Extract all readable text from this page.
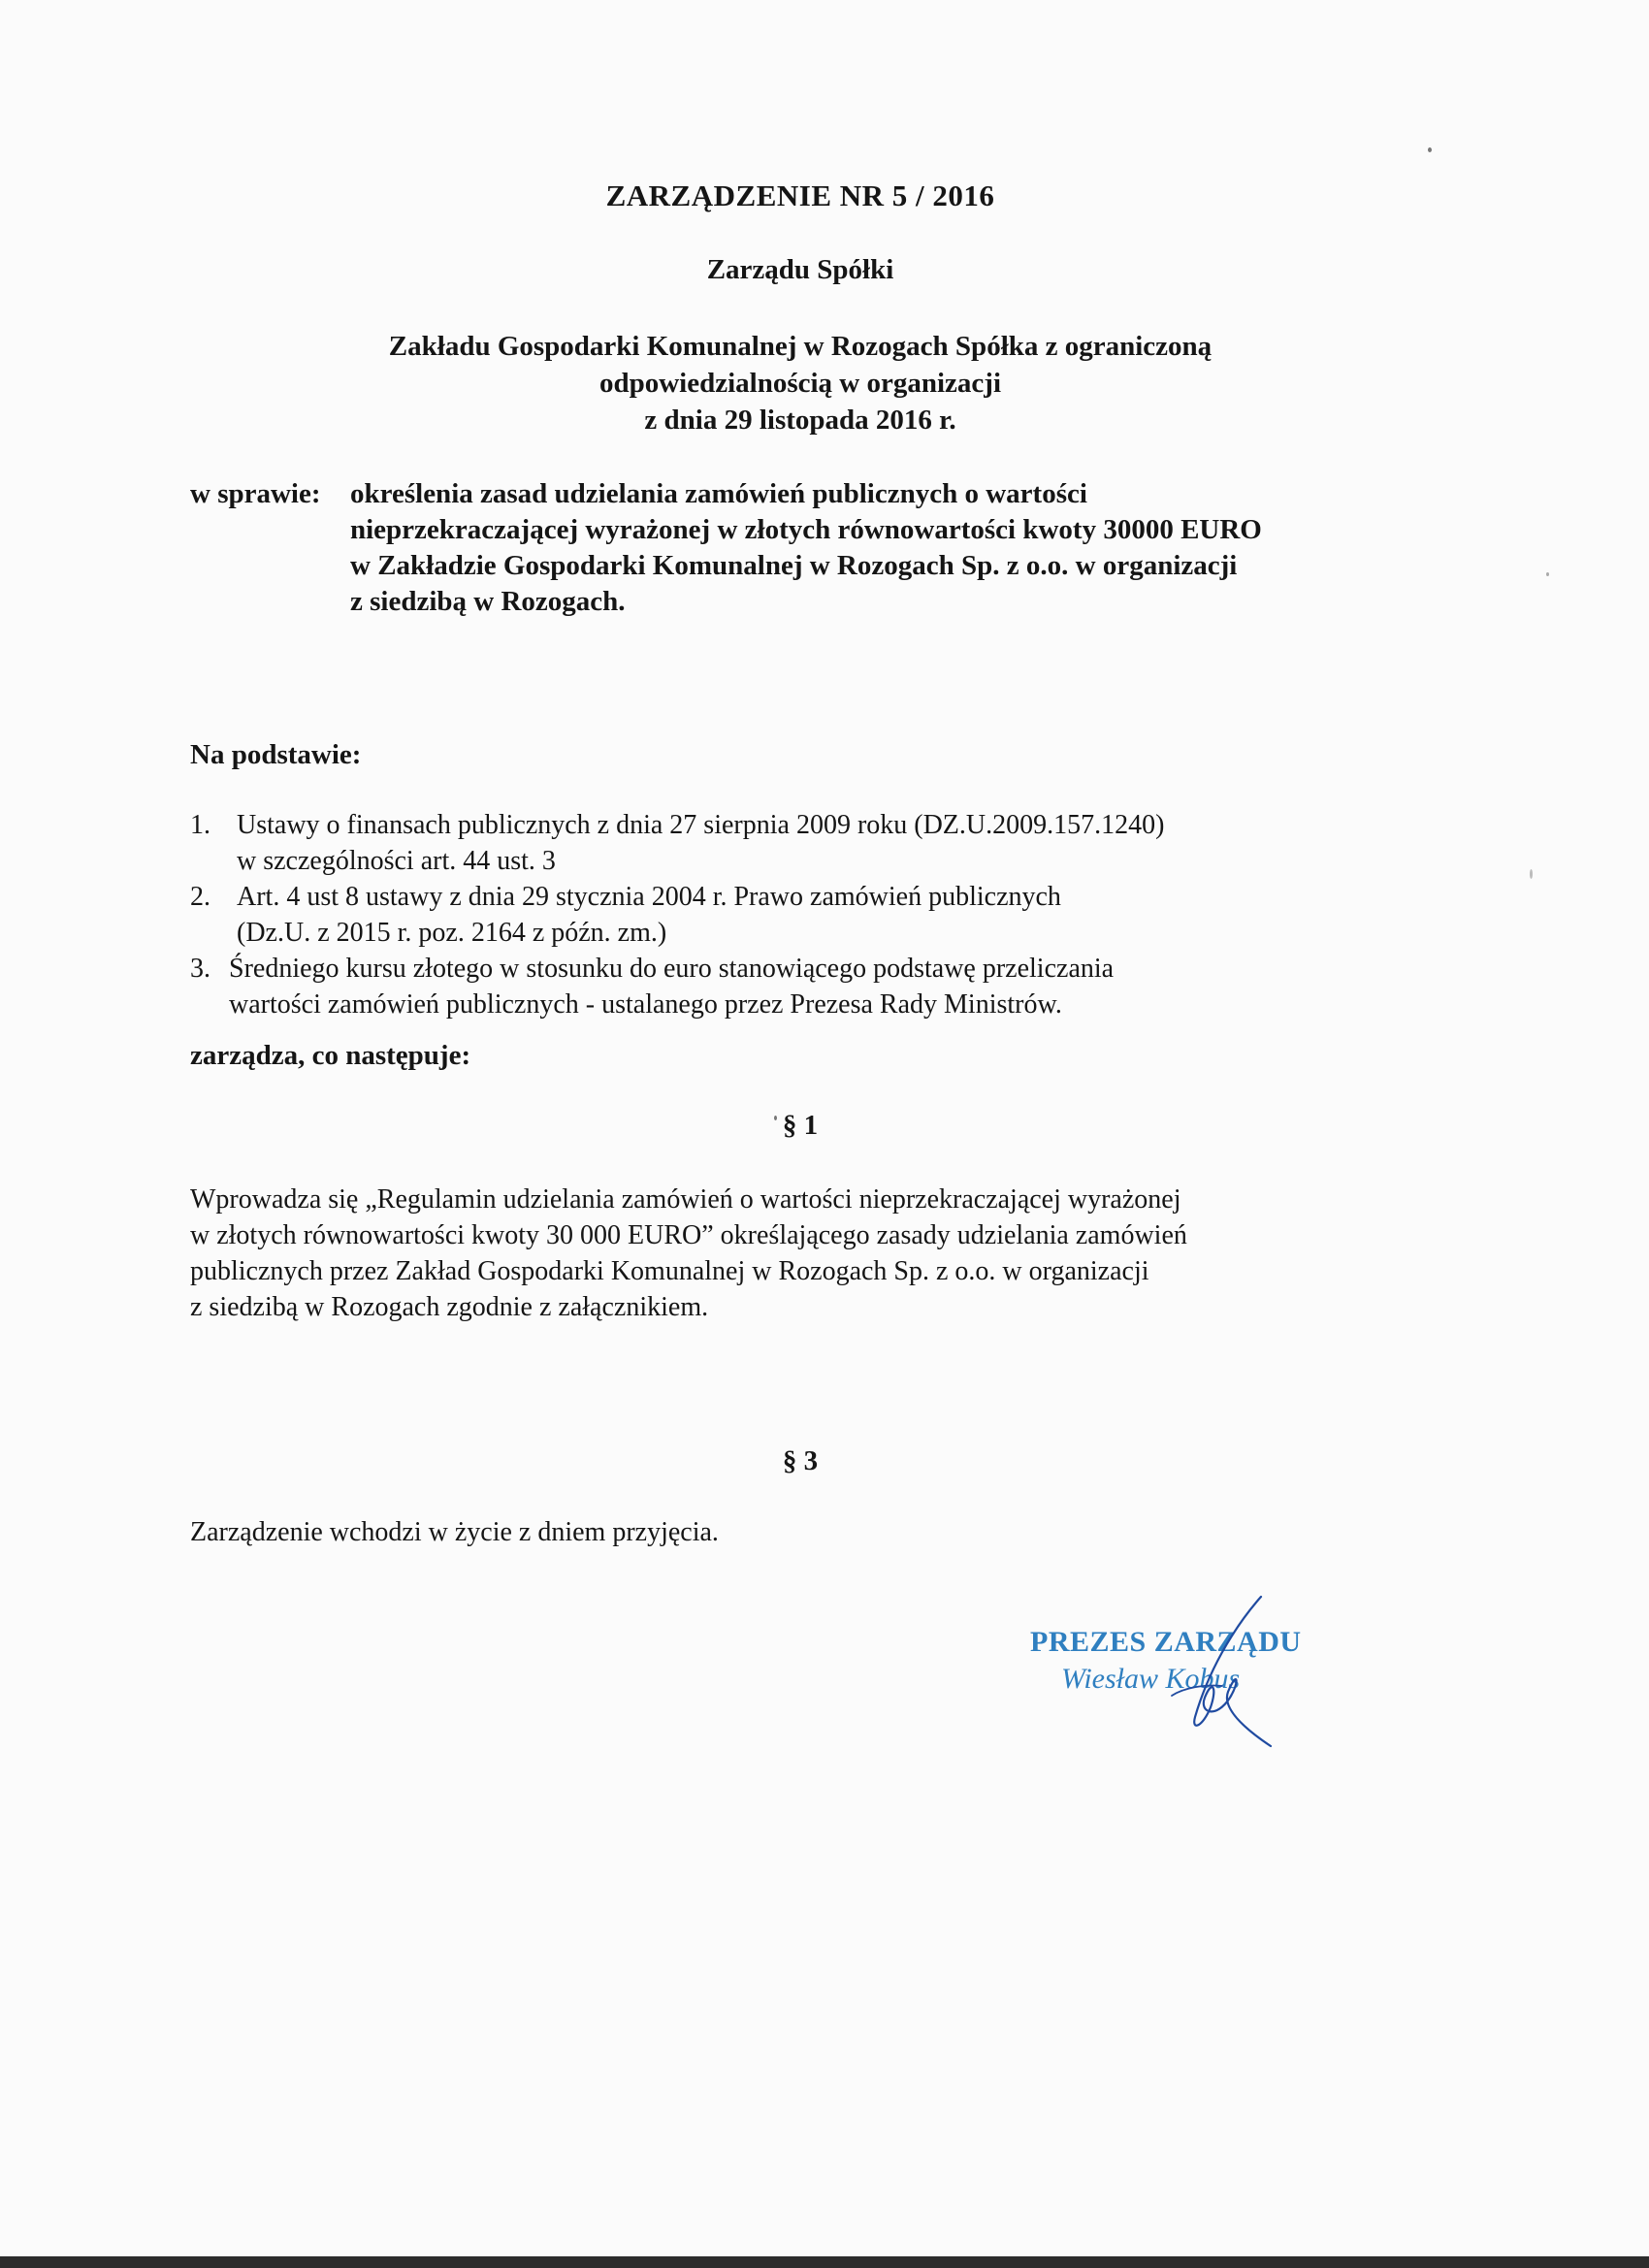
ZARZĄDZENIE NR 5 / 2016
Zarządu Spółki
Zakładu Gospodarki Komunalnej w Rozogach Spółka z ograniczoną
odpowiedzialnością w organizacji
z dnia 29 listopada 2016 r.
w sprawie: określenia zasad udzielania zamówień publicznych o wartości
nieprzekraczającej wyrażonej w złotych równowartości kwoty 30000 EURO
w Zakładzie Gospodarki Komunalnej w Rozogach Sp. z o.o. w organizacji
z siedzibą w Rozogach.
Na podstawie:
1. Ustawy o finansach publicznych z dnia 27 sierpnia 2009 roku (DZ.U.2009.157.1240)
w szczególności art. 44 ust. 3
2. Art. 4 ust 8 ustawy z dnia 29 stycznia 2004 r. Prawo zamówień publicznych
(Dz.U. z 2015 r. poz. 2164 z późn. zm.)
3. Średniego kursu złotego w stosunku do euro stanowiącego podstawę przeliczania
wartości zamówień publicznych - ustalanego przez Prezesa Rady Ministrów.
zarządza, co następuje:
§ 1
Wprowadza się „Regulamin udzielania zamówień o wartości nieprzekraczającej wyrażonej
w złotych równowartości kwoty 30 000 EURO” określającego zasady udzielania zamówień
publicznych przez Zakład Gospodarki Komunalnej w Rozogach Sp. z o.o. w organizacji
z siedzibą w Rozogach zgodnie z załącznikiem.
§ 3
Zarządzenie wchodzi w życie z dniem przyjęcia.
PREZES ZARZĄDU
Wiesław Kobus
